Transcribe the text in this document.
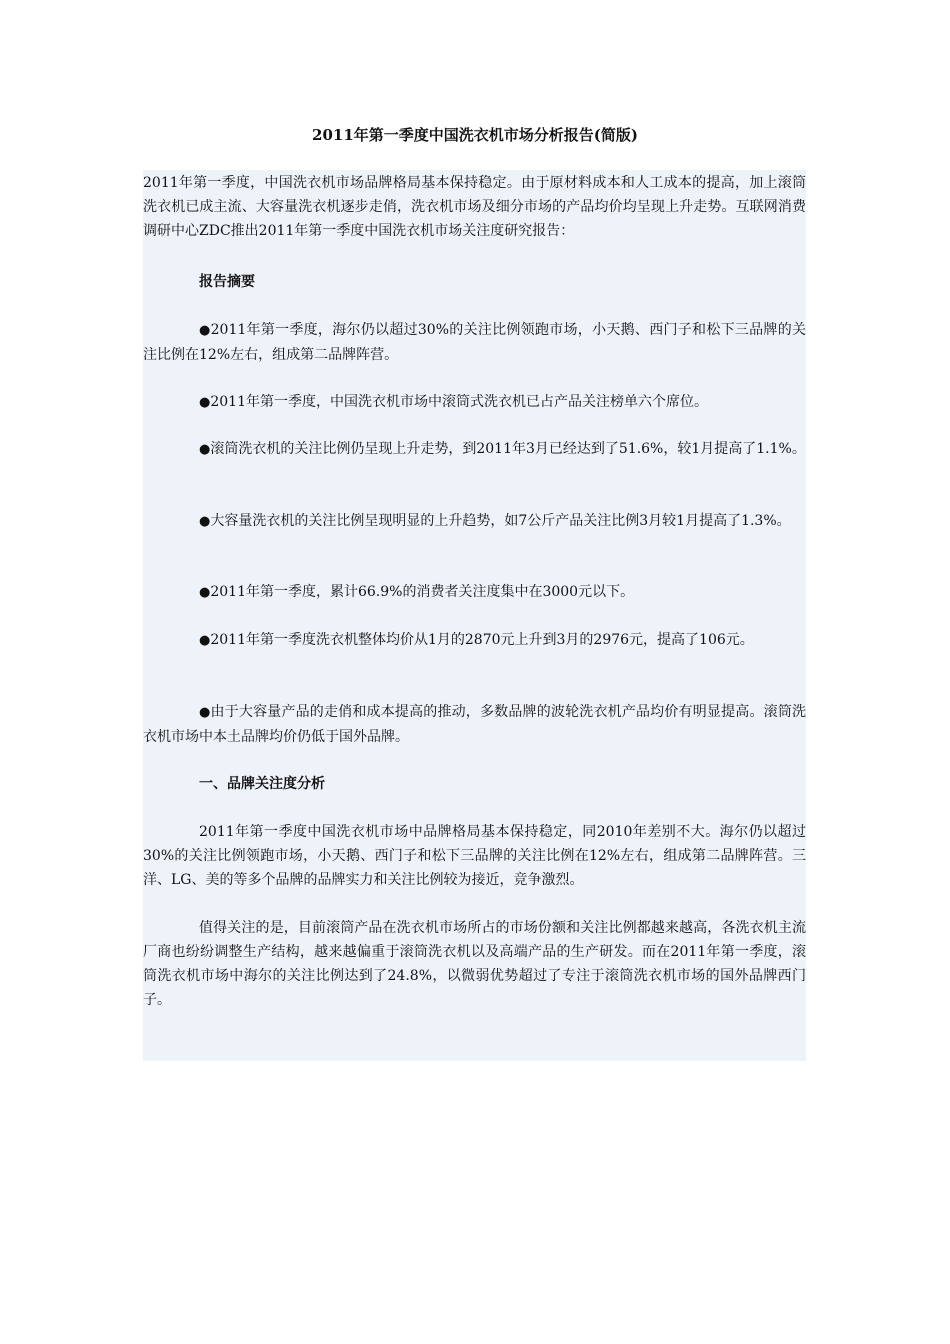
2011年第一季度中国洗衣机市场分析报告(简版)
2011年第一季度，中国洗衣机市场品牌格局基本保持稳定。由于原材料成本和人工成本的提高，加上滚筒洗衣机已成主流、大容量洗衣机逐步走俏，洗衣机市场及细分市场的产品均价均呈现上升走势。互联网消费调研中心ZDC推出2011年第一季度中国洗衣机市场关注度研究报告：
报告摘要
●2011年第一季度，海尔仍以超过30%的关注比例领跑市场，小天鹅、西门子和松下三品牌的关注比例在12%左右，组成第二品牌阵营。
●2011年第一季度，中国洗衣机市场中滚筒式洗衣机已占产品关注榜单六个席位。
●滚筒洗衣机的关注比例仍呈现上升走势，到2011年3月已经达到了51.6%，较1月提高了1.1%。
●大容量洗衣机的关注比例呈现明显的上升趋势，如7公斤产品关注比例3月较1月提高了1.3%。
●2011年第一季度，累计66.9%的消费者关注度集中在3000元以下。
●2011年第一季度洗衣机整体均价从1月的2870元上升到3月的2976元，提高了106元。
●由于大容量产品的走俏和成本提高的推动，多数品牌的波轮洗衣机产品均价有明显提高。滚筒洗衣机市场中本土品牌均价仍低于国外品牌。
一、品牌关注度分析
2011年第一季度中国洗衣机市场中品牌格局基本保持稳定，同2010年差别不大。海尔仍以超过30%的关注比例领跑市场，小天鹅、西门子和松下三品牌的关注比例在12%左右，组成第二品牌阵营。三洋、LG、美的等多个品牌的品牌实力和关注比例较为接近，竞争激烈。
值得关注的是，目前滚筒产品在洗衣机市场所占的市场份额和关注比例都越来越高，各洗衣机主流厂商也纷纷调整生产结构，越来越偏重于滚筒洗衣机以及高端产品的生产研发。而在2011年第一季度，滚筒洗衣机市场中海尔的关注比例达到了24.8%，以微弱优势超过了专注于滚筒洗衣机市场的国外品牌西门子。
